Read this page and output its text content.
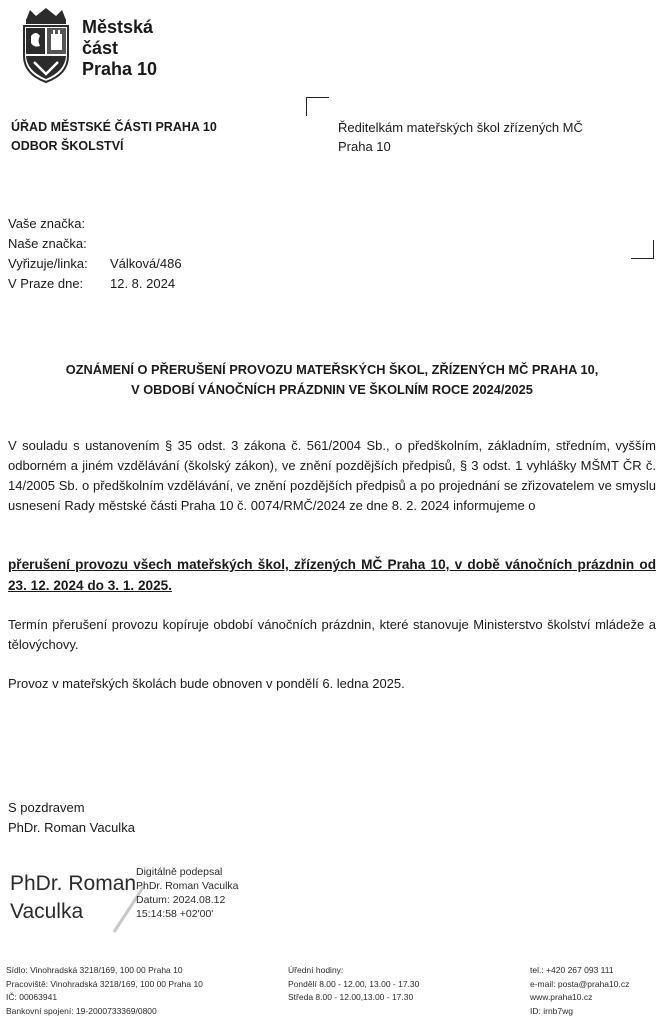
Městská
část
Praha 10
ÚŘAD MĚSTSKÉ ČÁSTI PRAHA 10
ODBOR ŠKOLSTVÍ
Ředitelkám mateřských škol zřízených MČ
Praha 10
Vaše značka:
Naše značka:
Vyřizuje/linka: Válková/486
V Praze dne: 12. 8. 2024
OZNÁMENÍ O PŘERUŠENÍ PROVOZU MATEŘSKÝCH ŠKOL, ZŘÍZENÝCH MČ PRAHA 10,
V OBDOBÍ VÁNOČNÍCH PRÁZDNIN VE ŠKOLNÍM ROCE 2024/2025
V souladu s ustanovením § 35 odst. 3 zákona č. 561/2004 Sb., o předškolním, základním, středním, vyšším odborném a jiném vzdělávání (školský zákon), ve znění pozdějších předpisů, § 3 odst. 1 vyhlášky MŠMT ČR č. 14/2005 Sb. o předškolním vzdělávání, ve znění pozdějších předpisů a po projednání se zřizovatelem ve smyslu usnesení Rady městské části Praha 10 č. 0074/RMČ/2024 ze dne 8. 2. 2024 informujeme o
přerušení provozu všech mateřských škol, zřízených MČ Praha 10, v době vánočních prázdnin od 23. 12. 2024 do 3. 1. 2025.
Termín přerušení provozu kopíruje období vánočních prázdnin, které stanovuje Ministerstvo školství mládeže a tělovýchovy.
Provoz v mateřských školách bude obnoven v pondělí 6. ledna 2025.
S pozdravem
PhDr. Roman Vaculka
PhDr. Roman
Vaculka
Digitálně podepsal
PhDr. Roman Vaculka
Datum: 2024.08.12
15:14:58 +02'00'
Sídlo: Vinohradská 3218/169, 100 00 Praha 10
Pracoviště: Vinohradská 3218/169, 100 00 Praha 10
IČ: 00063941
Bankovní spojení: 19-2000733369/0800
Úřední hodiny:
Pondělí 8.00 - 12.00, 13.00 - 17.30
Středa 8.00 - 12.00,13.00 - 17.30
tel.: +420 267 093 111
e-mail: posta@praha10.cz
www.praha10.cz
ID: irnb7wg
